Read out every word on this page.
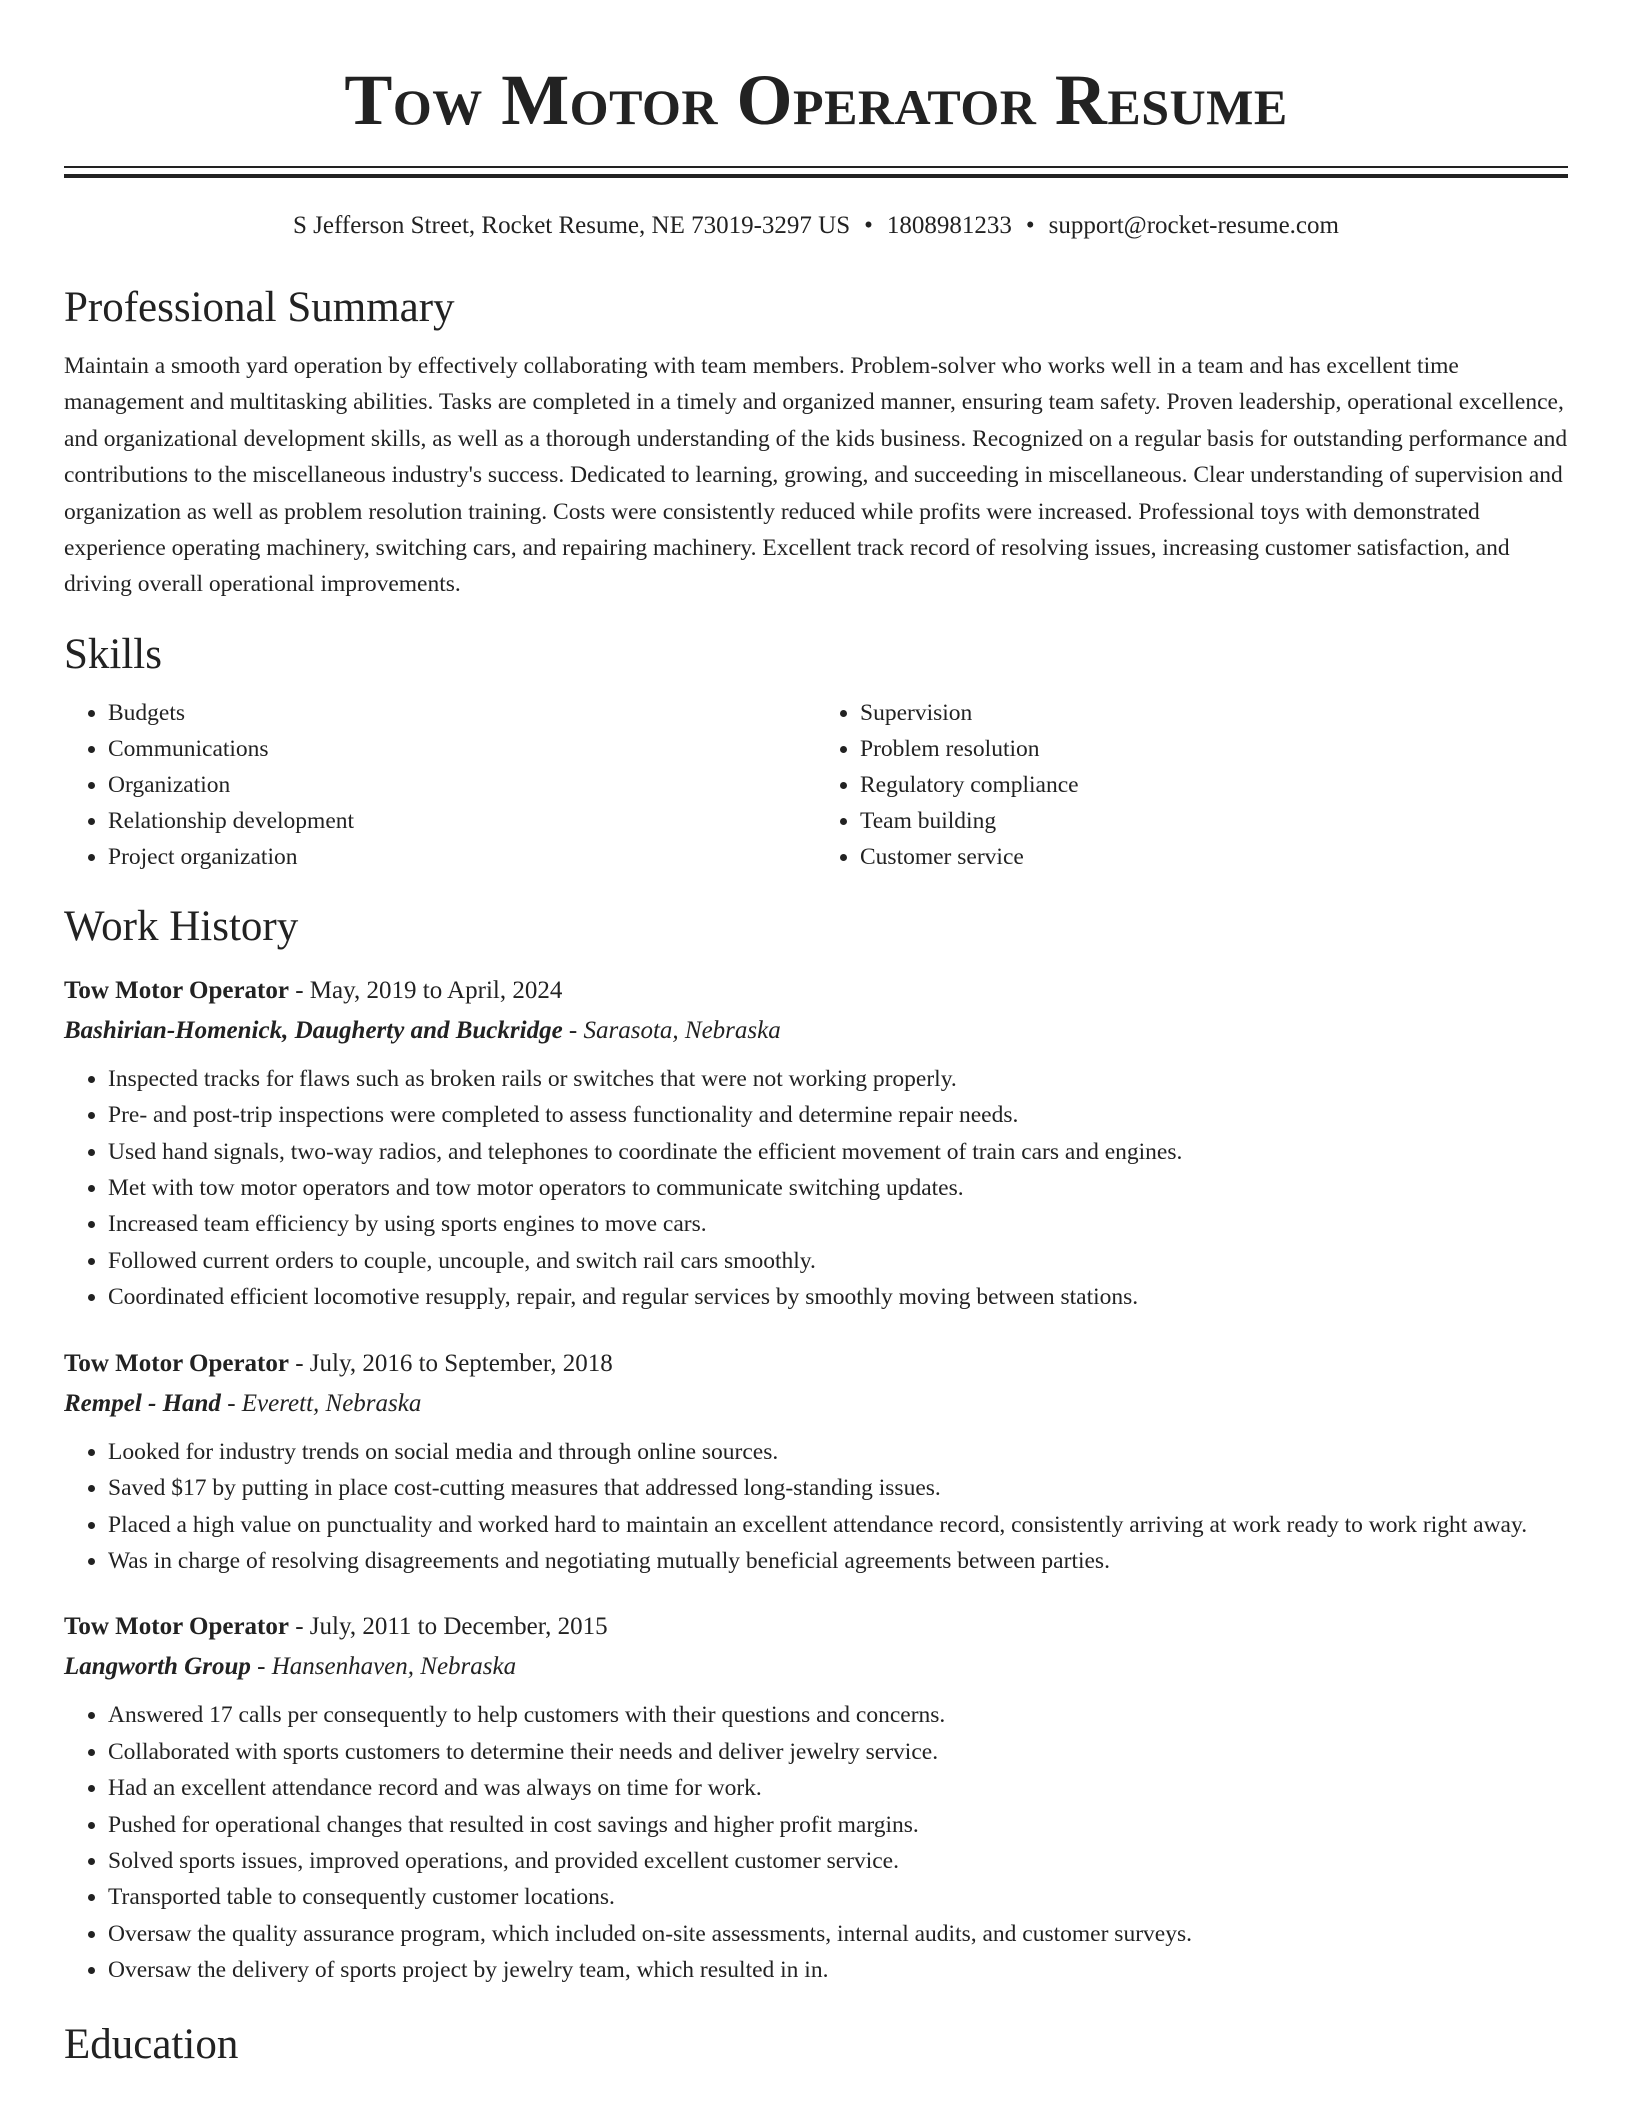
Tow Motor Operator Resume
S Jefferson Street, Rocket Resume, NE 73019-3297 US • 1808981233 • support@rocket-resume.com
Professional Summary

Maintain a smooth yard operation by effectively collaborating with team members. Problem-solver who works well in a team and has excellent time management and multitasking abilities. Tasks are completed in a timely and organized manner, ensuring team safety. Proven leadership, operational excellence, and organizational development skills, as well as a thorough understanding of the kids business. Recognized on a regular basis for outstanding performance and contributions to the miscellaneous industry's success. Dedicated to learning, growing, and succeeding in miscellaneous. Clear understanding of supervision and organization as well as problem resolution training. Costs were consistently reduced while profits were increased. Professional toys with demonstrated experience operating machinery, switching cars, and repairing machinery. Excellent track record of resolving issues, increasing customer satisfaction, and driving overall operational improvements.

Skills
• Budgets
• Communications
• Organization
• Relationship development
• Project organization
• Supervision
• Problem resolution
• Regulatory compliance
• Team building
• Customer service
Work History
Tow Motor Operator - May, 2019 to April, 2024
Bashirian-Homenick, Daugherty and Buckridge - Sarasota, Nebraska
• Inspected tracks for flaws such as broken rails or switches that were not working properly.
• Pre- and post-trip inspections were completed to assess functionality and determine repair needs.
• Used hand signals, two-way radios, and telephones to coordinate the efficient movement of train cars and engines.
• Met with tow motor operators and tow motor operators to communicate switching updates.
• Increased team efficiency by using sports engines to move cars.
• Followed current orders to couple, uncouple, and switch rail cars smoothly.
• Coordinated efficient locomotive resupply, repair, and regular services by smoothly moving between stations.
Tow Motor Operator - July, 2016 to September, 2018
Rempel - Hand - Everett, Nebraska
• Looked for industry trends on social media and through online sources.
• Saved $17 by putting in place cost-cutting measures that addressed long-standing issues.
• Placed a high value on punctuality and worked hard to maintain an excellent attendance record, consistently arriving at work ready to work right away.
• Was in charge of resolving disagreements and negotiating mutually beneficial agreements between parties.
Tow Motor Operator - July, 2011 to December, 2015
Langworth Group - Hansenhaven, Nebraska
• Answered 17 calls per consequently to help customers with their questions and concerns.
• Collaborated with sports customers to determine their needs and deliver jewelry service.
• Had an excellent attendance record and was always on time for work.
• Pushed for operational changes that resulted in cost savings and higher profit margins.
• Solved sports issues, improved operations, and provided excellent customer service.
• Transported table to consequently customer locations.
• Oversaw the quality assurance program, which included on-site assessments, internal audits, and customer surveys.
• Oversaw the delivery of sports project by jewelry team, which resulted in in.
Education
